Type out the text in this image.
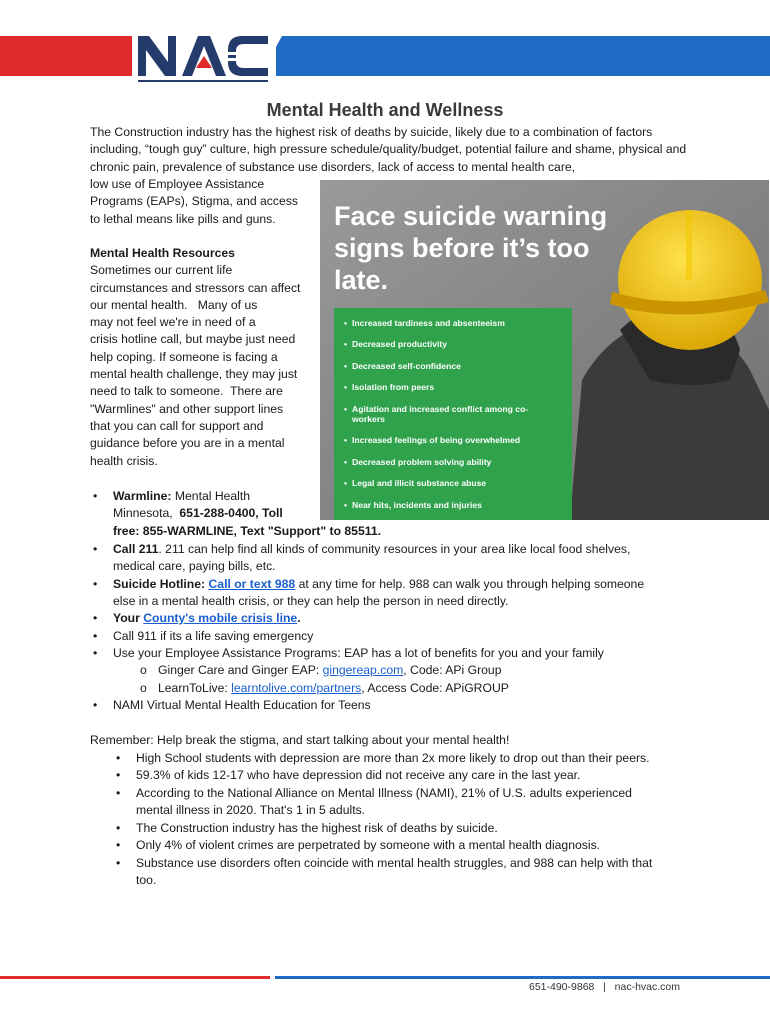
Mental Health and Wellness

The Construction industry has the highest risk of deaths by suicide, likely due to a combination of factors including, “tough guy” culture, high pressure schedule/quality/budget, potential failure and shame, physical and chronic pain, prevalence of substance use disorders, lack of access to mental health care,

low use of Employee Assistance
Programs (EAPs), Stigma, and access
to lethal means like pills and guns.
Mental Health Resources
Sometimes our current life
circumstances and stressors can affect
our mental health.   Many of us
may not feel we're in need of a
crisis hotline call, but maybe just need
help coping. If someone is facing a
mental health challenge, they may just
need to talk to someone.  There are
"Warmlines" and other support lines
that you can call for support and
guidance before you are in a mental
health crisis.
Face suicide warning signs before it’s too late.
• Increased tardiness and absenteeism
• Decreased productivity
• Decreased self-confidence
• Isolation from peers
• Agitation and increased conflict among co-workers
• Increased feelings of being overwhelmed
• Decreased problem solving ability
• Legal and illicit substance abuse
• Near hits, incidents and injuries
• Warmline: Mental Health
Minnesota,  651-288-0400, Toll
free: 855-WARMLINE, Text "Support" to 85511.
• Call 211. 211 can help find all kinds of community resources in your area like local food shelves,
medical care, paying bills, etc.
• Suicide Hotline: Call or text 988 at any time for help. 988 can walk you through helping someone
else in a mental health crisis, or they can help the person in need directly.
• Your County's mobile crisis line.
• Call 911 if its a life saving emergency
• Use your Employee Assistance Programs: EAP has a lot of benefits for you and your family
o Ginger Care and Ginger EAP: gingereap.com, Code: APi Group
o LearnToLive: learntolive.com/partners, Access Code: APiGROUP
• NAMI Virtual Mental Health Education for Teens
Remember: Help break the stigma, and start talking about your mental health!
• High School students with depression are more than 2x more likely to drop out than their peers.
• 59.3% of kids 12-17 who have depression did not receive any care in the last year.
• According to the National Alliance on Mental Illness (NAMI), 21% of U.S. adults experienced
mental illness in 2020. That's 1 in 5 adults.
• The Construction industry has the highest risk of deaths by suicide.
• Only 4% of violent crimes are perpetrated by someone with a mental health diagnosis.
• Substance use disorders often coincide with mental health struggles, and 988 can help with that
too.
651-490-9868 | nac-hvac.com
